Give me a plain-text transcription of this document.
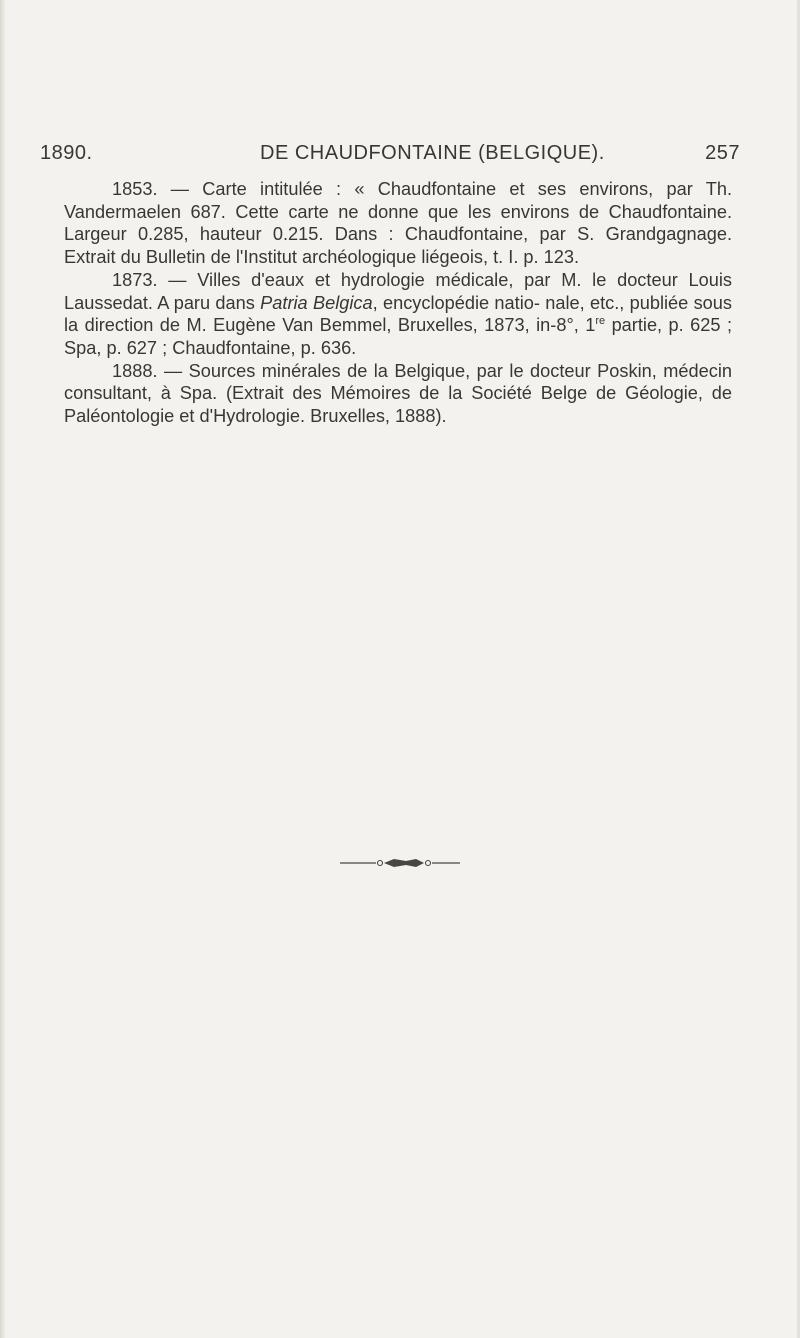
1890.	DE CHAUDFONTAINE (BELGIQUE).	257

1853. — Carte intitulée : « Chaudfontaine et ses environs, par Th. Vandermaelen 687. Cette carte ne donne que les environs de Chaudfontaine. Largeur 0.285, hauteur 0.215. Dans : Chaudfontaine, par S. Grandgagnage. Extrait du Bulletin de l'Institut archéologique liégeois, t. I. p. 123.

1873. — Villes d'eaux et hydrologie médicale, par M. le docteur Louis Laussedat. A paru dans Patria Belgica, encyclopédie natio- nale, etc., publiée sous la direction de M. Eugène Van Bemmel, Bruxelles, 1873, in-8°, 1re partie, p. 625 ; Spa, p. 627 ; Chaudfontaine, p. 636.

1888. — Sources minérales de la Belgique, par le docteur Poskin, médecin consultant, à Spa. (Extrait des Mémoires de la Société Belge de Géologie, de Paléontologie et d'Hydrologie. Bruxelles, 1888).
